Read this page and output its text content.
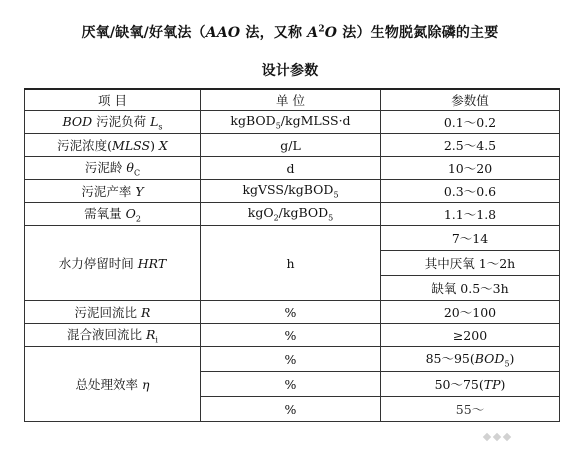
厌氧/缺氧/好氧法（AAO 法，又称 $A^2O$ 法）生物脱氮除磷的主要
设计参数
项 目	单 位	参数值
BOD 污泥负荷 $L_s$	kgBOD$_5$/kgMLSS·d	0.1～0.2
污泥浓度(MLSS) X	g/L	2.5～4.5
污泥龄 $\theta_C$	d	10～20
污泥产率 Y	kgVSS/kgBOD$_5$	0.3～0.6
需氧量 $O_2$	kgO$_2$/kgBOD$_5$	1.1～1.8
水力停留时间 HRT	h	7～14
		其中厌氧 1～2h
		缺氧 0.5～3h
污泥回流比 R	%	20～100
混合液回流比 $R_i$	%	≥200
总处理效率 η	%	$85\sim 95(BOD_5)$
	%	50～75(TP)
	%	55～
